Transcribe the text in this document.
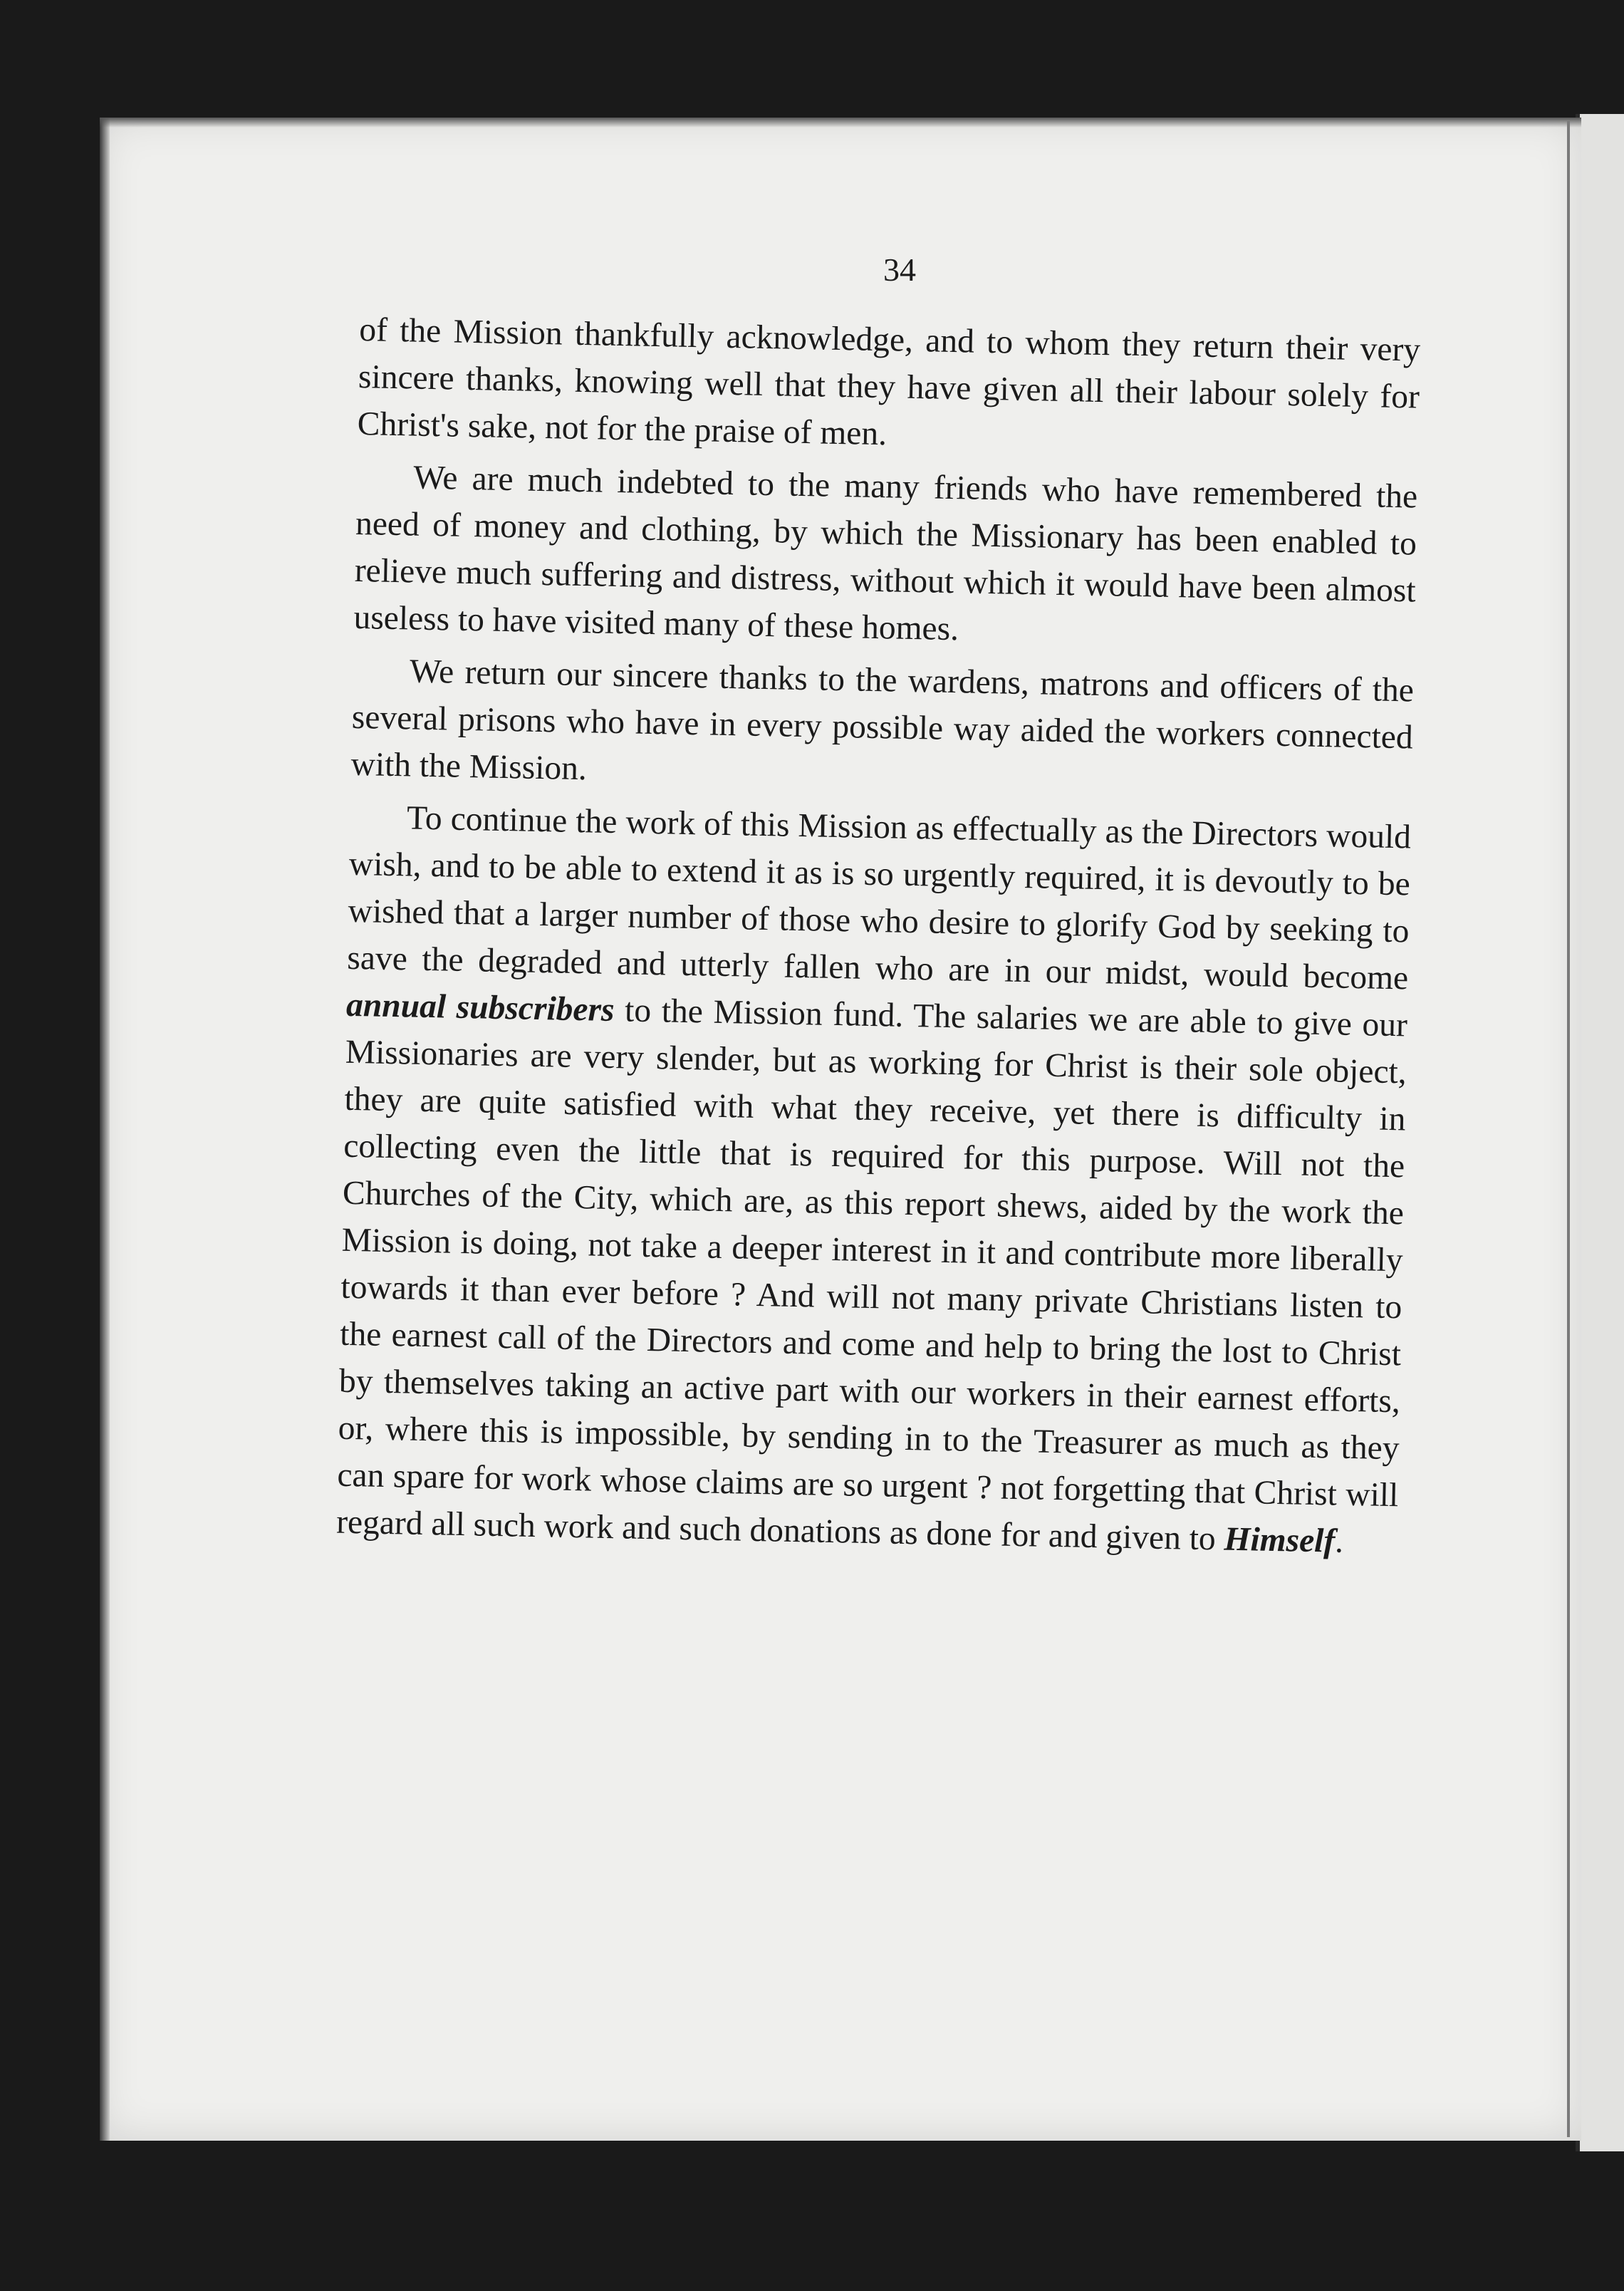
34

of the Mission thankfully acknowledge, and to whom they return their very sincere thanks, knowing well that they have given all their labour solely for Christ's sake, not for the praise of men.

We are much indebted to the many friends who have remembered the need of money and clothing, by which the Missionary has been enabled to relieve much suffering and distress, without which it would have been almost useless to have visited many of these homes.

We return our sincere thanks to the wardens, matrons and officers of the several prisons who have in every possible way aided the workers connected with the Mission.

To continue the work of this Mission as effectually as the Directors would wish, and to be able to extend it as is so urgently required, it is devoutly to be wished that a larger number of those who desire to glorify God by seeking to save the degraded and utterly fallen who are in our midst, would become annual subscribers to the Mission fund. The salaries we are able to give our Missionaries are very slender, but as working for Christ is their sole object, they are quite satisfied with what they receive, yet there is difficulty in collecting even the little that is required for this purpose. Will not the Churches of the City, which are, as this report shews, aided by the work the Mission is doing, not take a deeper interest in it and contribute more liberally towards it than ever before ? And will not many private Christians listen to the earnest call of the Directors and come and help to bring the lost to Christ by themselves taking an active part with our workers in their earnest efforts, or, where this is impossible, by sending in to the Treasurer as much as they can spare for work whose claims are so urgent ? not forgetting that Christ will regard all such work and such donations as done for and given to Himself.
